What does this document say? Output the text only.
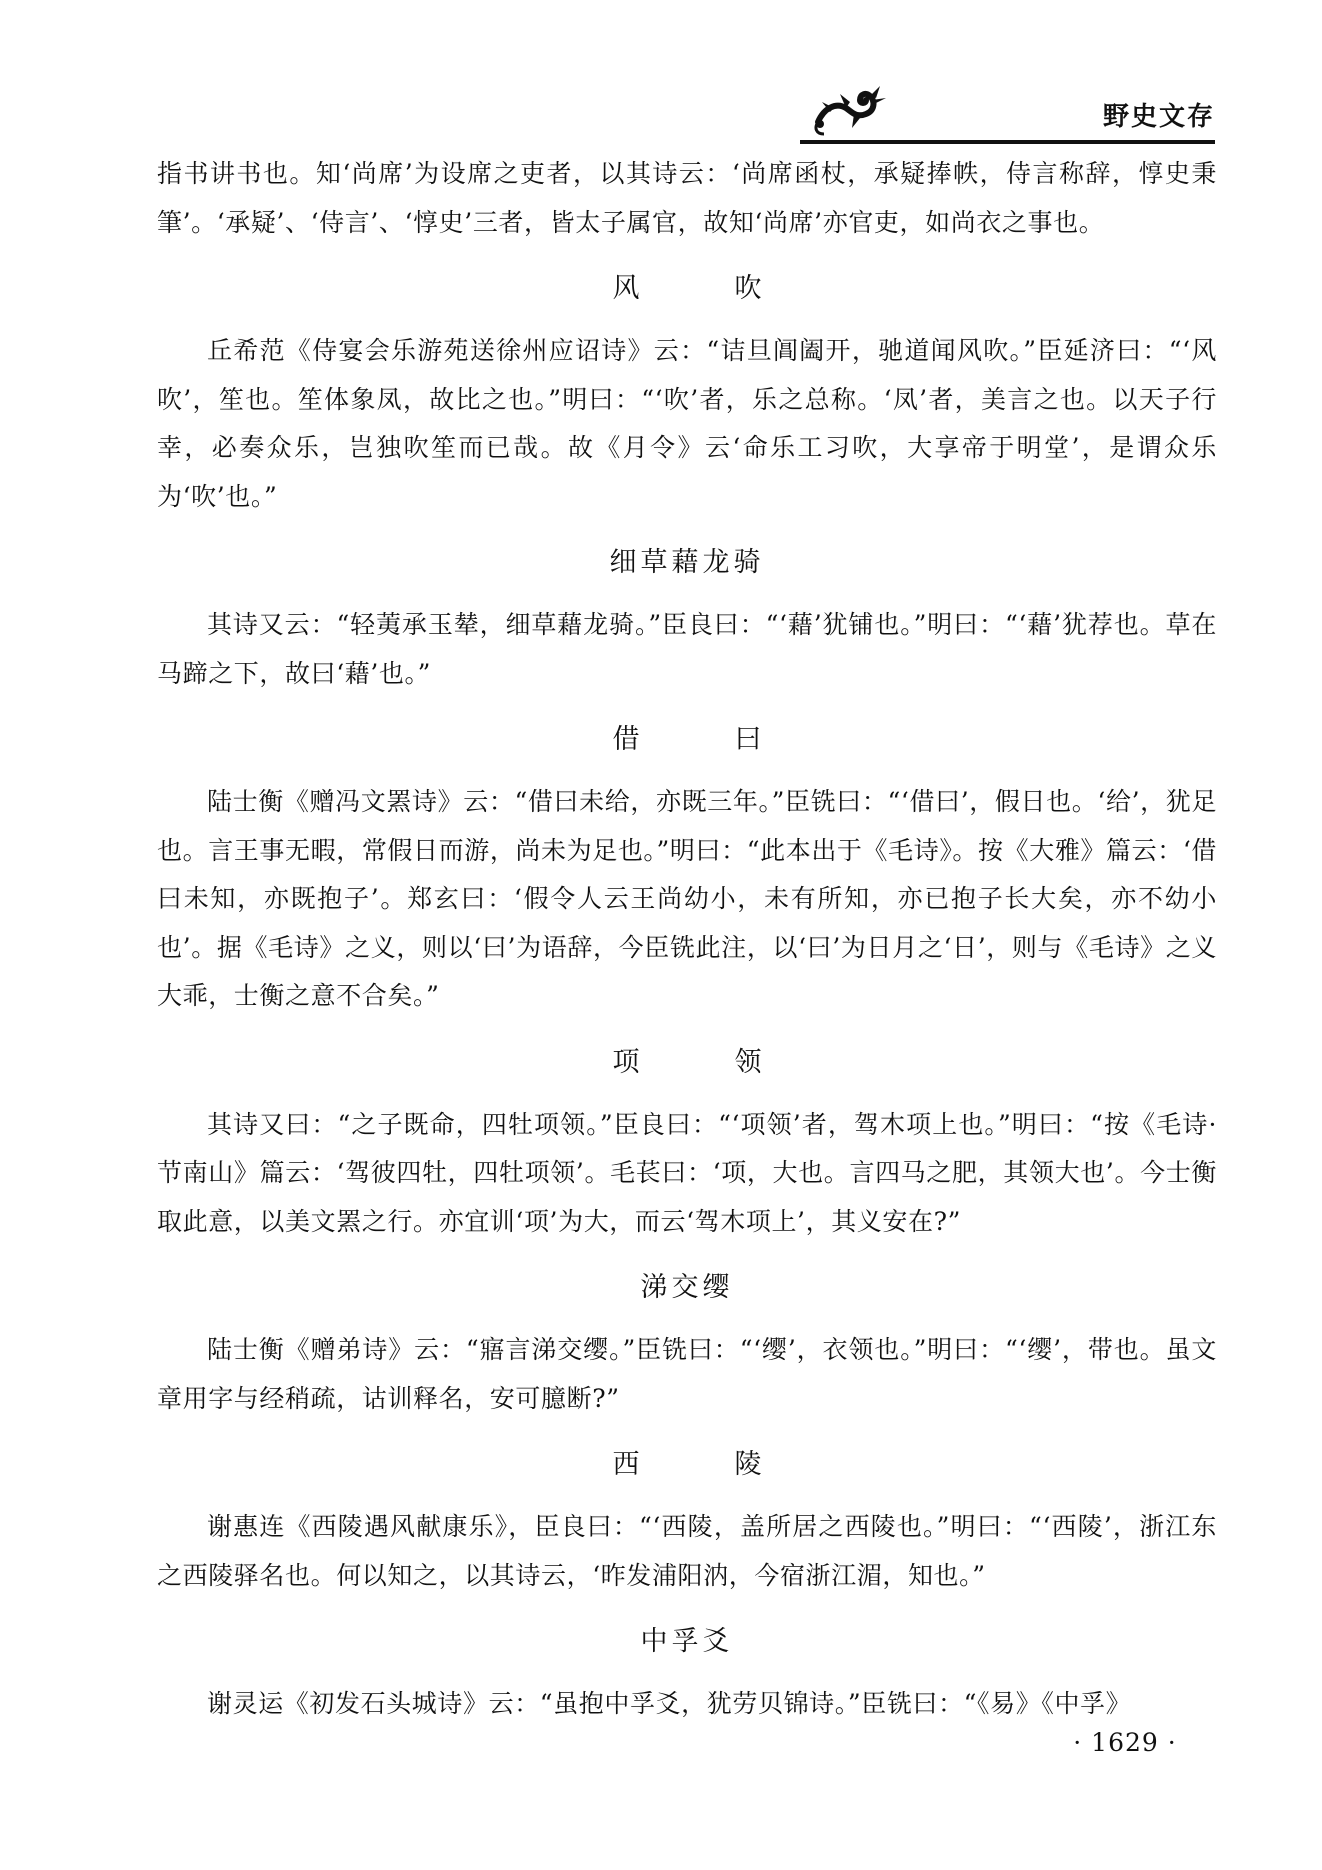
野史文存

指书讲书也。知‘尚席’为设席之吏者，以其诗云：‘尚席函杖，承疑捧帙，侍言称辞，惇史秉筆’。‘承疑’、‘侍言’、‘惇史’三者，皆太子属官，故知‘尚席’亦官吏，如尚衣之事也。

风　吹

丘希范《侍宴会乐游苑送徐州应诏诗》云：“诘旦阊阖开，驰道闻风吹。”臣延济曰：“‘风吹’，笙也。笙体象凤，故比之也。”明曰：“‘吹’者，乐之总称。‘凤’者，美言之也。以天子行幸，必奏众乐，岂独吹笙而已哉。故《月令》云‘命乐工习吹，大享帝于明堂’，是谓众乐为‘吹’也。”

细草藉龙骑

其诗又云：“轻荑承玉辇，细草藉龙骑。”臣良曰：“‘藉’犹铺也。”明曰：“‘藉’犹荐也。草在马蹄之下，故曰‘藉’也。”

借　曰

陆士衡《赠冯文罴诗》云：“借曰未给，亦既三年。”臣铣曰：“‘借曰’，假日也。‘给’，犹足也。言王事无暇，常假日而游，尚未为足也。”明曰：“此本出于《毛诗》。按《大雅》篇云：‘借曰未知，亦既抱子’。郑玄曰：‘假令人云王尚幼小，未有所知，亦已抱子长大矣，亦不幼小也’。据《毛诗》之义，则以‘曰’为语辞，今臣铣此注，以‘曰’为日月之‘日’，则与《毛诗》之义大乖，士衡之意不合矣。”

项　领

其诗又曰：“之子既命，四牡项领。”臣良曰：“‘项领’者，驾木项上也。”明曰：“按《毛诗·节南山》篇云：‘驾彼四牡，四牡项领’。毛苌曰：‘项，大也。言四马之肥，其领大也’。今士衡取此意，以美文罴之行。亦宜训‘项’为大，而云‘驾木项上’，其义安在?”

涕交缨

陆士衡《赠弟诗》云：“寤言涕交缨。”臣铣曰：“‘缨’，衣领也。”明曰：“‘缨’，带也。虽文章用字与经稍疏，诂训释名，安可臆断?”

西　陵

谢惠连《西陵遇风献康乐》，臣良曰：“‘西陵，盖所居之西陵也。”明曰：“‘西陵’，浙江东之西陵驿名也。何以知之，以其诗云，‘昨发浦阳汭，今宿浙江湄，知也。”

中孚爻

谢灵运《初发石头城诗》云：“虽抱中孚爻，犹劳贝锦诗。”臣铣曰：“《易》《中孚》

· 1629 ·
